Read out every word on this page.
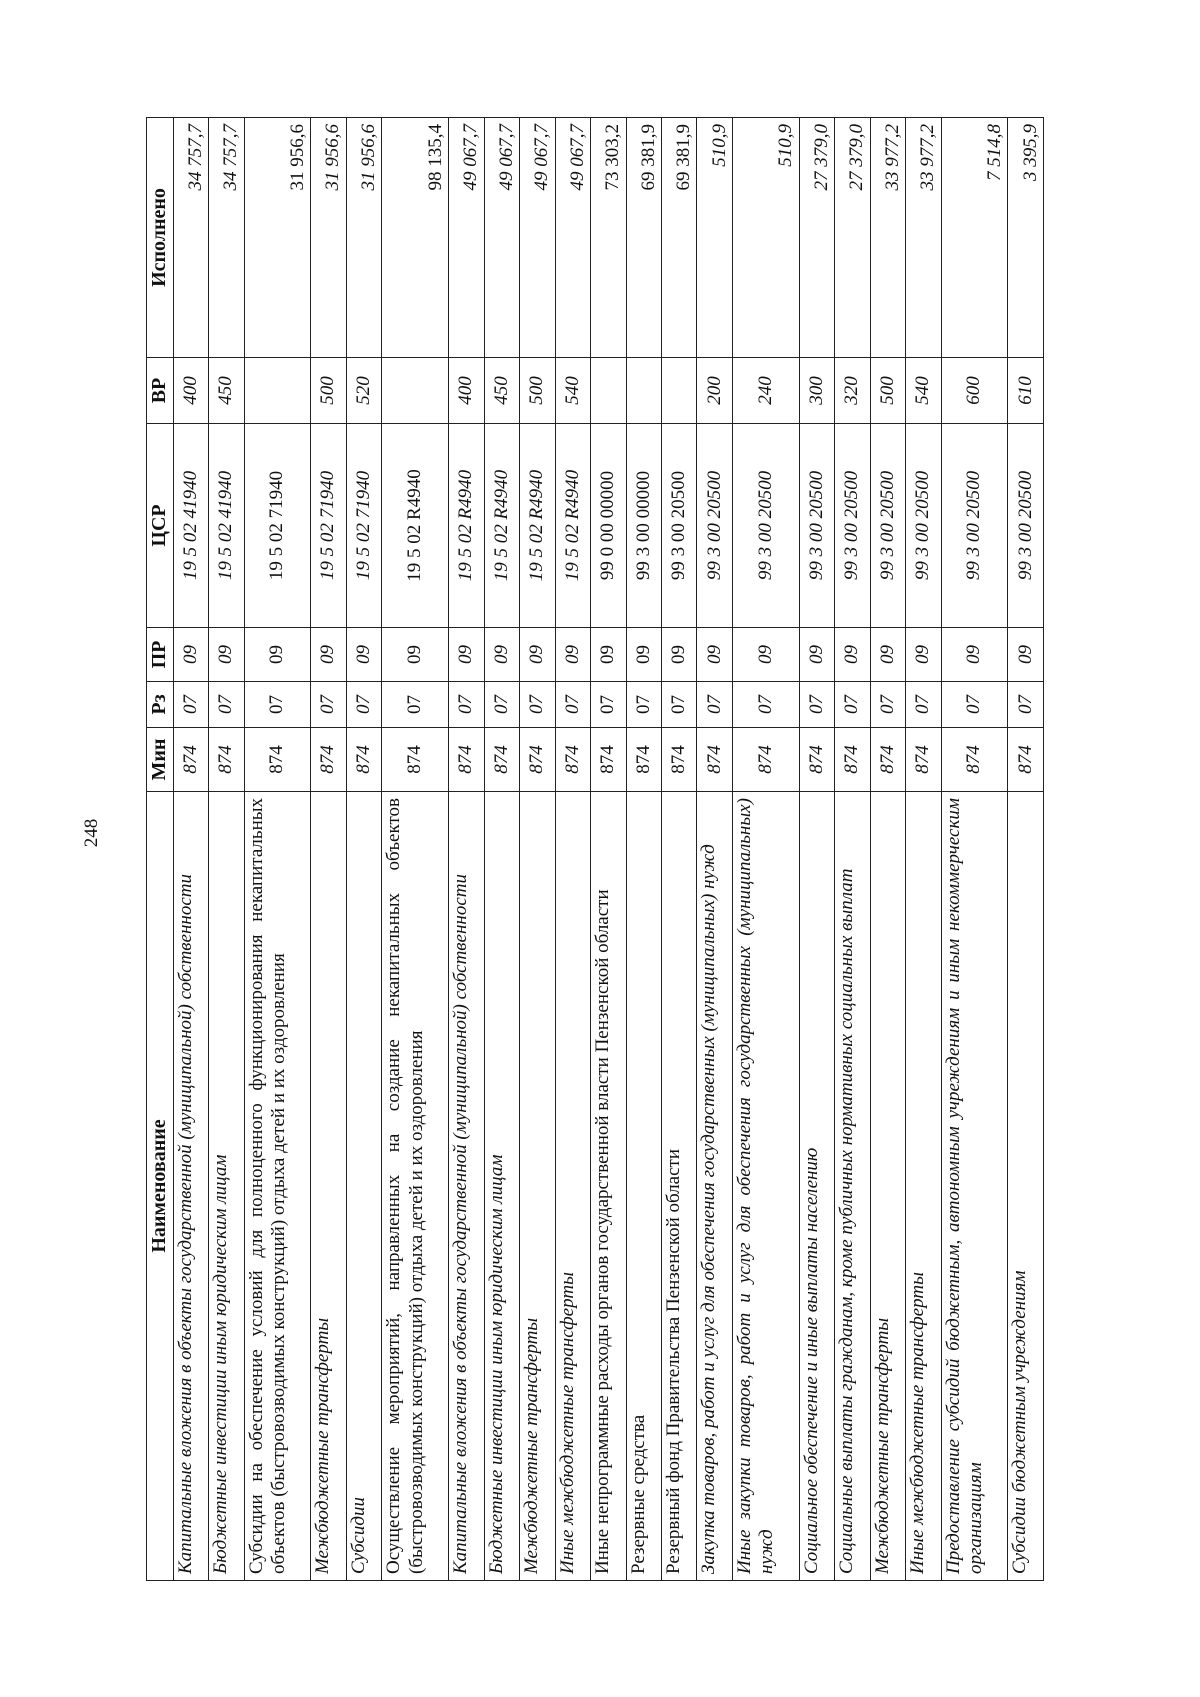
248
Наименование	Мин	Рз	ПР	ЦСР	ВР	Исполнено
Капитальные вложения в объекты государственной (муниципальной) собственности	874	07	09	19 5 02 41940	400	34 757,7
Бюджетные инвестиции иным юридическим лицам	874	07	09	19 5 02 41940	450	34 757,7
Субсидии на обеспечение условий для полноценного функционирования некапитальных объектов (быстровозводимых конструкций) отдыха детей и их оздоровления	874	07	09	19 5 02 71940		31 956,6
Межбюджетные трансферты	874	07	09	19 5 02 71940	500	31 956,6
Субсидии	874	07	09	19 5 02 71940	520	31 956,6
Осуществление мероприятий, направленных на создание некапитальных объектов (быстровозводимых конструкций) отдыха детей и их оздоровления	874	07	09	19 5 02 R4940		98 135,4
Капитальные вложения в объекты государственной (муниципальной) собственности	874	07	09	19 5 02 R4940	400	49 067,7
Бюджетные инвестиции иным юридическим лицам	874	07	09	19 5 02 R4940	450	49 067,7
Межбюджетные трансферты	874	07	09	19 5 02 R4940	500	49 067,7
Иные межбюджетные трансферты	874	07	09	19 5 02 R4940	540	49 067,7
Иные непрограммные расходы органов государственной власти Пензенской области	874	07	09	99 0 00 00000		73 303,2
Резервные средства	874	07	09	99 3 00 00000		69 381,9
Резервный фонд Правительства Пензенской области	874	07	09	99 3 00 20500		69 381,9
Закупка товаров, работ и услуг для обеспечения государственных (муниципальных) нужд	874	07	09	99 3 00 20500	200	510,9
Иные закупки товаров, работ и услуг для обеспечения государственных (муниципальных) нужд	874	07	09	99 3 00 20500	240	510,9
Социальное обеспечение и иные выплаты населению	874	07	09	99 3 00 20500	300	27 379,0
Социальные выплаты гражданам, кроме публичных нормативных социальных выплат	874	07	09	99 3 00 20500	320	27 379,0
Межбюджетные трансферты	874	07	09	99 3 00 20500	500	33 977,2
Иные межбюджетные трансферты	874	07	09	99 3 00 20500	540	33 977,2
Предоставление субсидий бюджетным, автономным учреждениям и иным некоммерческим организациям	874	07	09	99 3 00 20500	600	7 514,8
Субсидии бюджетным учреждениям	874	07	09	99 3 00 20500	610	3 395,9
